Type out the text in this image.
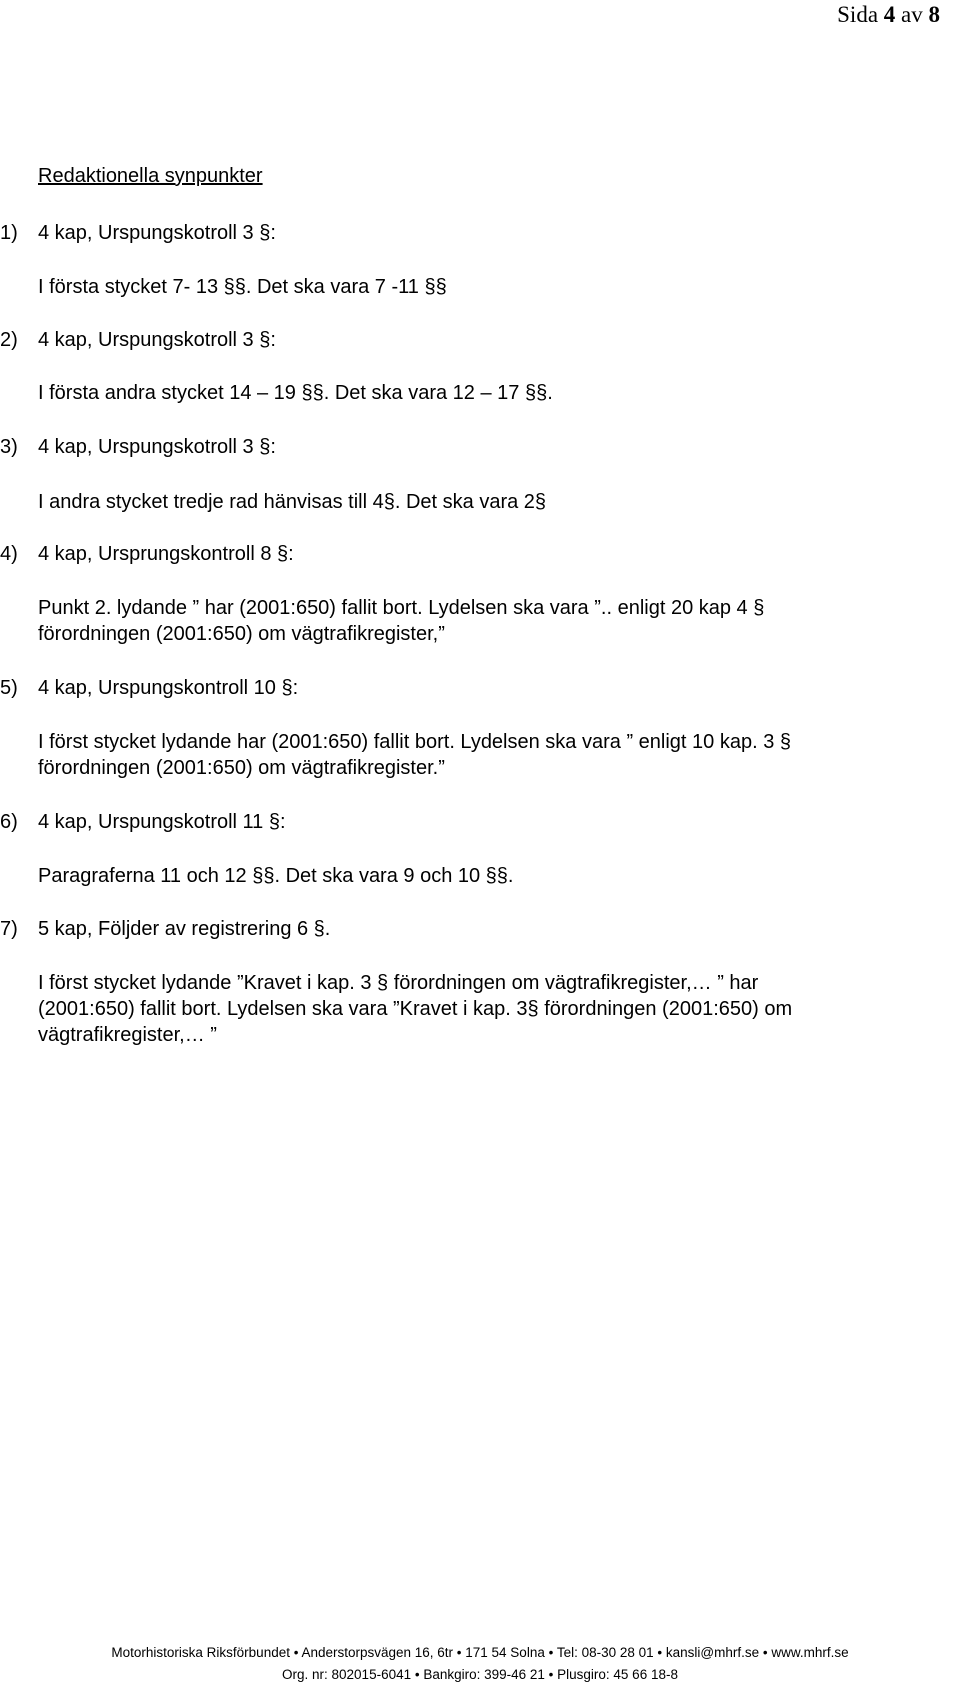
Sida 4 av 8
Redaktionella synpunkter
1) 4 kap, Urspungskotroll 3 §:
I första stycket 7- 13 §§. Det ska vara 7 -11 §§
2) 4 kap, Urspungskotroll 3 §:
I första andra stycket 14 – 19 §§. Det ska vara 12 – 17 §§.
3) 4 kap, Urspungskotroll 3 §:
I andra stycket tredje rad hänvisas till 4§. Det ska vara 2§
4) 4 kap, Ursprungskontroll 8 §:
Punkt 2. lydande ” har (2001:650) fallit bort. Lydelsen ska vara ”.. enligt 20 kap 4 §
förordningen (2001:650) om vägtrafikregister,”
5) 4 kap, Urspungskontroll 10 §:
I först stycket lydande har (2001:650) fallit bort. Lydelsen ska vara ” enligt 10 kap. 3 §
förordningen (2001:650) om vägtrafikregister.”
6) 4 kap, Urspungskotroll 11 §:
Paragraferna 11 och 12 §§. Det ska vara 9 och 10 §§.
7) 5 kap, Följder av registrering 6 §.
I först stycket lydande ”Kravet i kap. 3 § förordningen om vägtrafikregister,… ” har
(2001:650) fallit bort. Lydelsen ska vara ”Kravet i kap. 3§ förordningen (2001:650) om
vägtrafikregister,… ”
Motorhistoriska Riksförbundet • Anderstorpsvägen 16, 6tr • 171 54 Solna • Tel: 08-30 28 01 • kansli@mhrf.se • www.mhrf.se
Org. nr: 802015-6041 • Bankgiro: 399-46 21 • Plusgiro: 45 66 18-8
